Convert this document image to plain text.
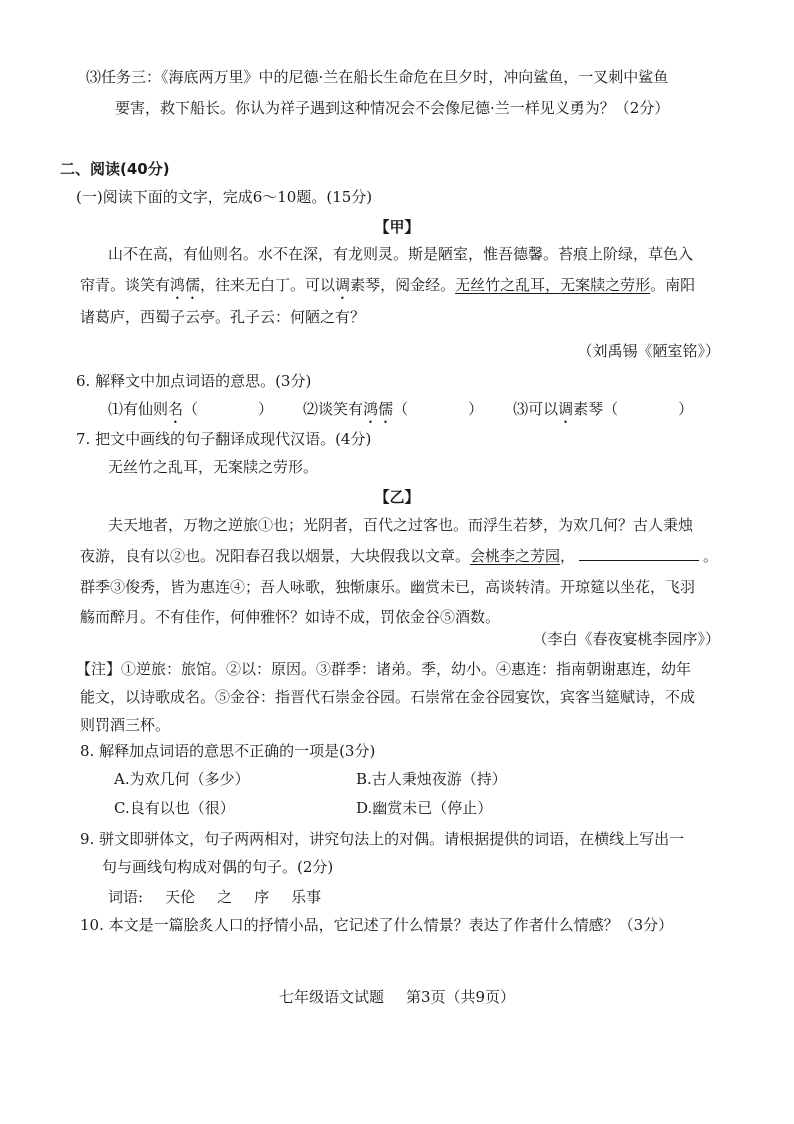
⑶任务三：《海底两万里》中的尼德·兰在船长生命危在旦夕时，冲向鲨鱼，一叉刺中鲨鱼
要害，救下船长。你认为祥子遇到这种情况会不会像尼德·兰一样见义勇为？（2分）
二、阅读(40分)
(一)阅读下面的文字，完成6～10题。(15分)
【甲】
山不在高，有仙则名。水不在深，有龙则灵。斯是陋室，惟吾德馨。苔痕上阶绿，草色入
帘青。谈笑有鸿儒，往来无白丁。可以调素琴，阅金经。无丝竹之乱耳，无案牍之劳形。南阳
诸葛庐，西蜀子云亭。孔子云：何陋之有？
（刘禹锡《陋室铭》）
6. 解释文中加点词语的意思。(3分)
⑴有仙则名（　　　　） ⑵谈笑有鸿儒（　　　　） ⑶可以调素琴（　　　　）
7. 把文中画线的句子翻译成现代汉语。(4分)
无丝竹之乱耳，无案牍之劳形。
【乙】
夫天地者，万物之逆旅①也；光阴者，百代之过客也。而浮生若梦，为欢几何？古人秉烛
夜游，良有以②也。况阳春召我以烟景，大块假我以文章。会桃李之芳园，	。
群季③俊秀，皆为惠连④；吾人咏歌，独惭康乐。幽赏未已，高谈转清。开琼筵以坐花，飞羽
觞而醉月。不有佳作，何伸雅怀？如诗不成，罚依金谷⑤酒数。
（李白《春夜宴桃李园序》）
【注】①逆旅：旅馆。②以：原因。③群季：诸弟。季，幼小。④惠连：指南朝谢惠连，幼年
能文，以诗歌成名。⑤金谷：指晋代石崇金谷园。石崇常在金谷园宴饮，宾客当筵赋诗，不成
则罚酒三杯。
8. 解释加点词语的意思不正确的一项是(3分)
A.为欢几何（多少）	B.古人秉烛夜游（持）
C.良有以也（很）	D.幽赏未已（停止）
9. 骈文即骈体文，句子两两相对，讲究句法上的对偶。请根据提供的词语，在横线上写出一
句与画线句构成对偶的句子。(2分)
词语: 天伦 之 序 乐事
10. 本文是一篇脍炙人口的抒情小品，它记述了什么情景？表达了作者什么情感？（3分）
七年级语文试题 第3页（共9页）
